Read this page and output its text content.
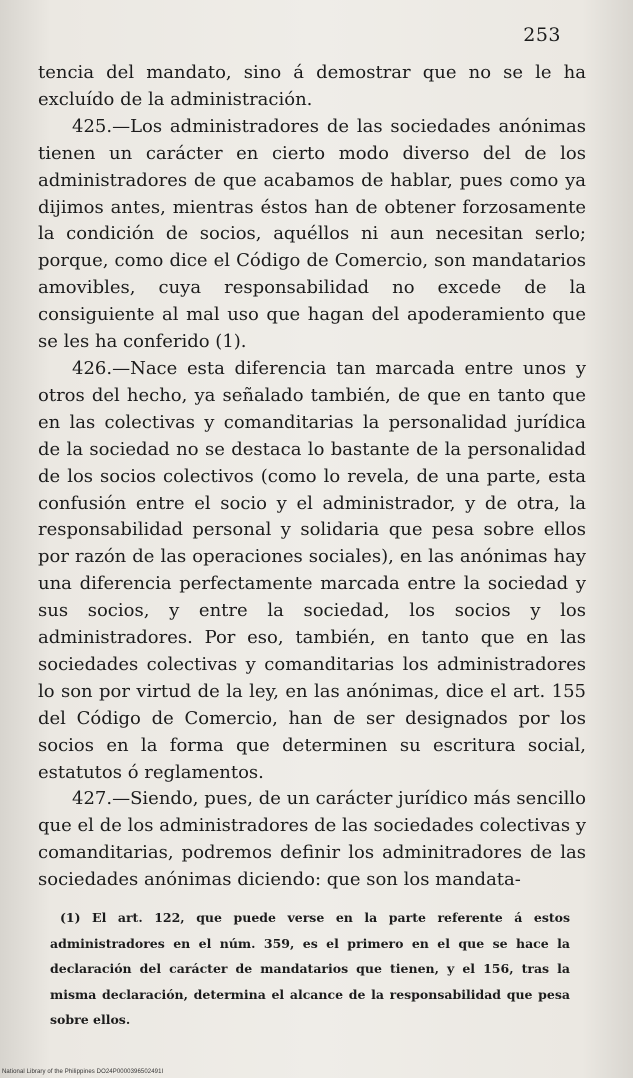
253

tencia del mandato, sino á demostrar que no se le ha excluído de la administración.

425.—Los administradores de las sociedades anónimas tienen un carácter en cierto modo diverso del de los administradores de que acabamos de hablar, pues como ya dijimos antes, mientras éstos han de obtener forzosamente la condición de socios, aquéllos ni aun necesitan serlo; porque, como dice el Código de Comercio, son mandatarios amovibles, cuya responsabilidad no excede de la consiguiente al mal uso que hagan del apoderamiento que se les ha conferido (1).

426.—Nace esta diferencia tan marcada entre unos y otros del hecho, ya señalado también, de que en tanto que en las colectivas y comanditarias la personalidad jurídica de la sociedad no se destaca lo bastante de la personalidad de los socios colectivos (como lo revela, de una parte, esta confusión entre el socio y el administrador, y de otra, la responsabilidad personal y solidaria que pesa sobre ellos por razón de las operaciones sociales), en las anónimas hay una diferencia perfectamente marcada entre la sociedad y sus socios, y entre la sociedad, los socios y los administradores. Por eso, también, en tanto que en las sociedades colectivas y comanditarias los administradores lo son por virtud de la ley, en las anónimas, dice el art. 155 del Código de Comercio, han de ser designados por los socios en la forma que determinen su escritura social, estatutos ó reglamentos.

427.—Siendo, pues, de un carácter jurídico más sencillo que el de los administradores de las sociedades colectivas y comanditarias, podremos definir los adminitradores de las sociedades anónimas diciendo: que son los mandata-

(1) El art. 122, que puede verse en la parte referente á estos administradores en el núm. 359, es el primero en el que se hace la declaración del carácter de mandatarios que tienen, y el 156, tras la misma declaración, determina el alcance de la responsabilidad que pesa sobre ellos.

National Library of the Philippines DO24P0000396502491I
